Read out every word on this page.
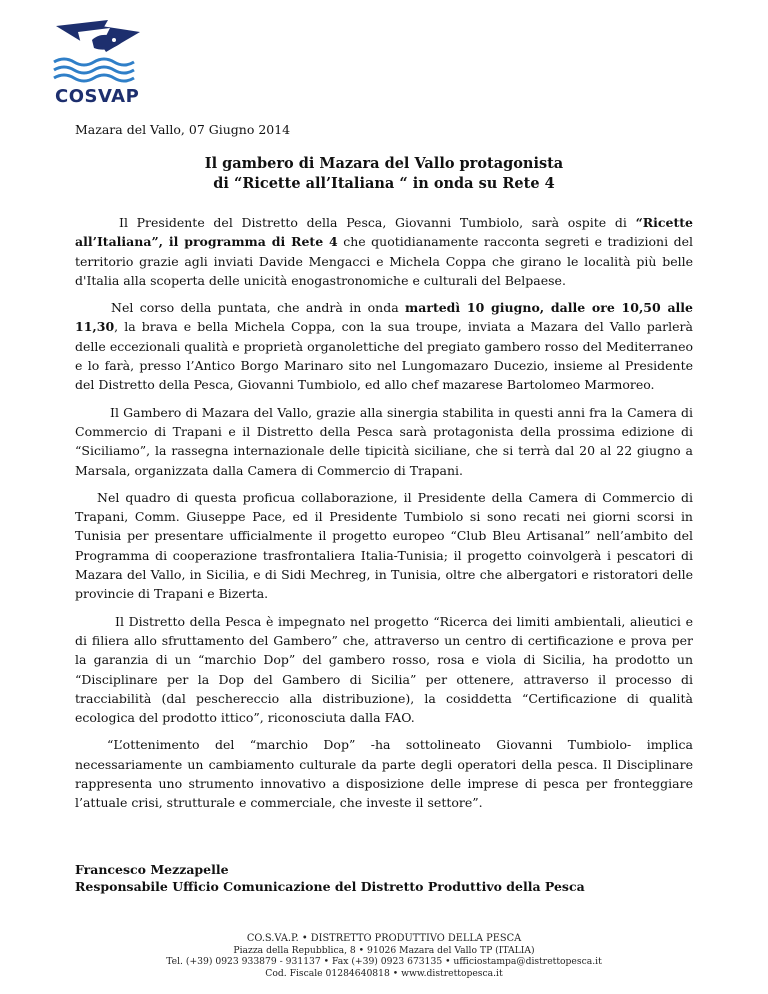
COSVAP
Mazara del Vallo, 07 Giugno 2014
Il gambero di Mazara del Vallo protagonista
di “Ricette all’Italiana “ in onda su Rete 4

Il Presidente del Distretto della Pesca, Giovanni Tumbiolo, sarà ospite di “Ricette all’Italiana”, il programma di Rete 4 che quotidianamente racconta segreti e tradizioni del territorio grazie agli inviati Davide Mengacci e Michela Coppa che girano le località più belle d'Italia alla scoperta delle unicità enogastronomiche e culturali del Belpaese.

Nel corso della puntata, che andrà in onda martedì 10 giugno, dalle ore 10,50 alle 11,30, la brava e bella Michela Coppa, con la sua troupe, inviata a Mazara del Vallo parlerà delle eccezionali qualità e proprietà organolettiche del pregiato gambero rosso del Mediterraneo e lo farà, presso l’Antico Borgo Marinaro sito nel Lungomazaro Ducezio, insieme al Presidente del Distretto della Pesca, Giovanni Tumbiolo, ed allo chef mazarese Bartolomeo Marmoreo.

Il Gambero di Mazara del Vallo, grazie alla sinergia stabilita in questi anni fra la Camera di Commercio di Trapani e il Distretto della Pesca sarà protagonista della prossima edizione di “Siciliamo”, la rassegna internazionale delle tipicità siciliane, che si terrà dal 20 al 22 giugno a Marsala, organizzata dalla Camera di Commercio di Trapani.

Nel quadro di questa proficua collaborazione, il Presidente della Camera di Commercio di Trapani, Comm. Giuseppe Pace, ed il Presidente Tumbiolo si sono recati nei giorni scorsi in Tunisia per presentare ufficialmente il progetto europeo “Club Bleu Artisanal” nell’ambito del Programma di cooperazione trasfrontaliera Italia-Tunisia; il progetto coinvolgerà i pescatori di Mazara del Vallo, in Sicilia, e di Sidi Mechreg, in Tunisia, oltre che albergatori e ristoratori delle provincie di Trapani e Bizerta.

Il Distretto della Pesca è impegnato nel progetto “Ricerca dei limiti ambientali, alieutici e di filiera allo sfruttamento del Gambero” che, attraverso un centro di certificazione e prova per la garanzia di un “marchio Dop” del gambero rosso, rosa e viola di Sicilia, ha prodotto un “Disciplinare per la Dop del Gambero di Sicilia” per ottenere, attraverso il processo di tracciabilità (dal peschereccio alla distribuzione), la cosiddetta “Certificazione di qualità ecologica del prodotto ittico”, riconosciuta dalla FAO.

“L’ottenimento del “marchio Dop” -ha sottolineato Giovanni Tumbiolo- implica necessariamente un cambiamento culturale da parte degli operatori della pesca. Il Disciplinare rappresenta uno strumento innovativo a disposizione delle imprese di pesca per fronteggiare l’attuale crisi, strutturale e commerciale, che investe il settore”.

Francesco Mezzapelle
Responsabile Ufficio Comunicazione del Distretto Produttivo della Pesca
CO.S.VA.P. • DISTRETTO PRODUTTIVO DELLA PESCA
Piazza della Repubblica, 8 • 91026 Mazara del Vallo TP (ITALIA)
Tel. (+39) 0923 933879 - 931137 • Fax (+39) 0923 673135 • ufficiostampa@distrettopesca.it
Cod. Fiscale 01284640818 • www.distrettopesca.it
